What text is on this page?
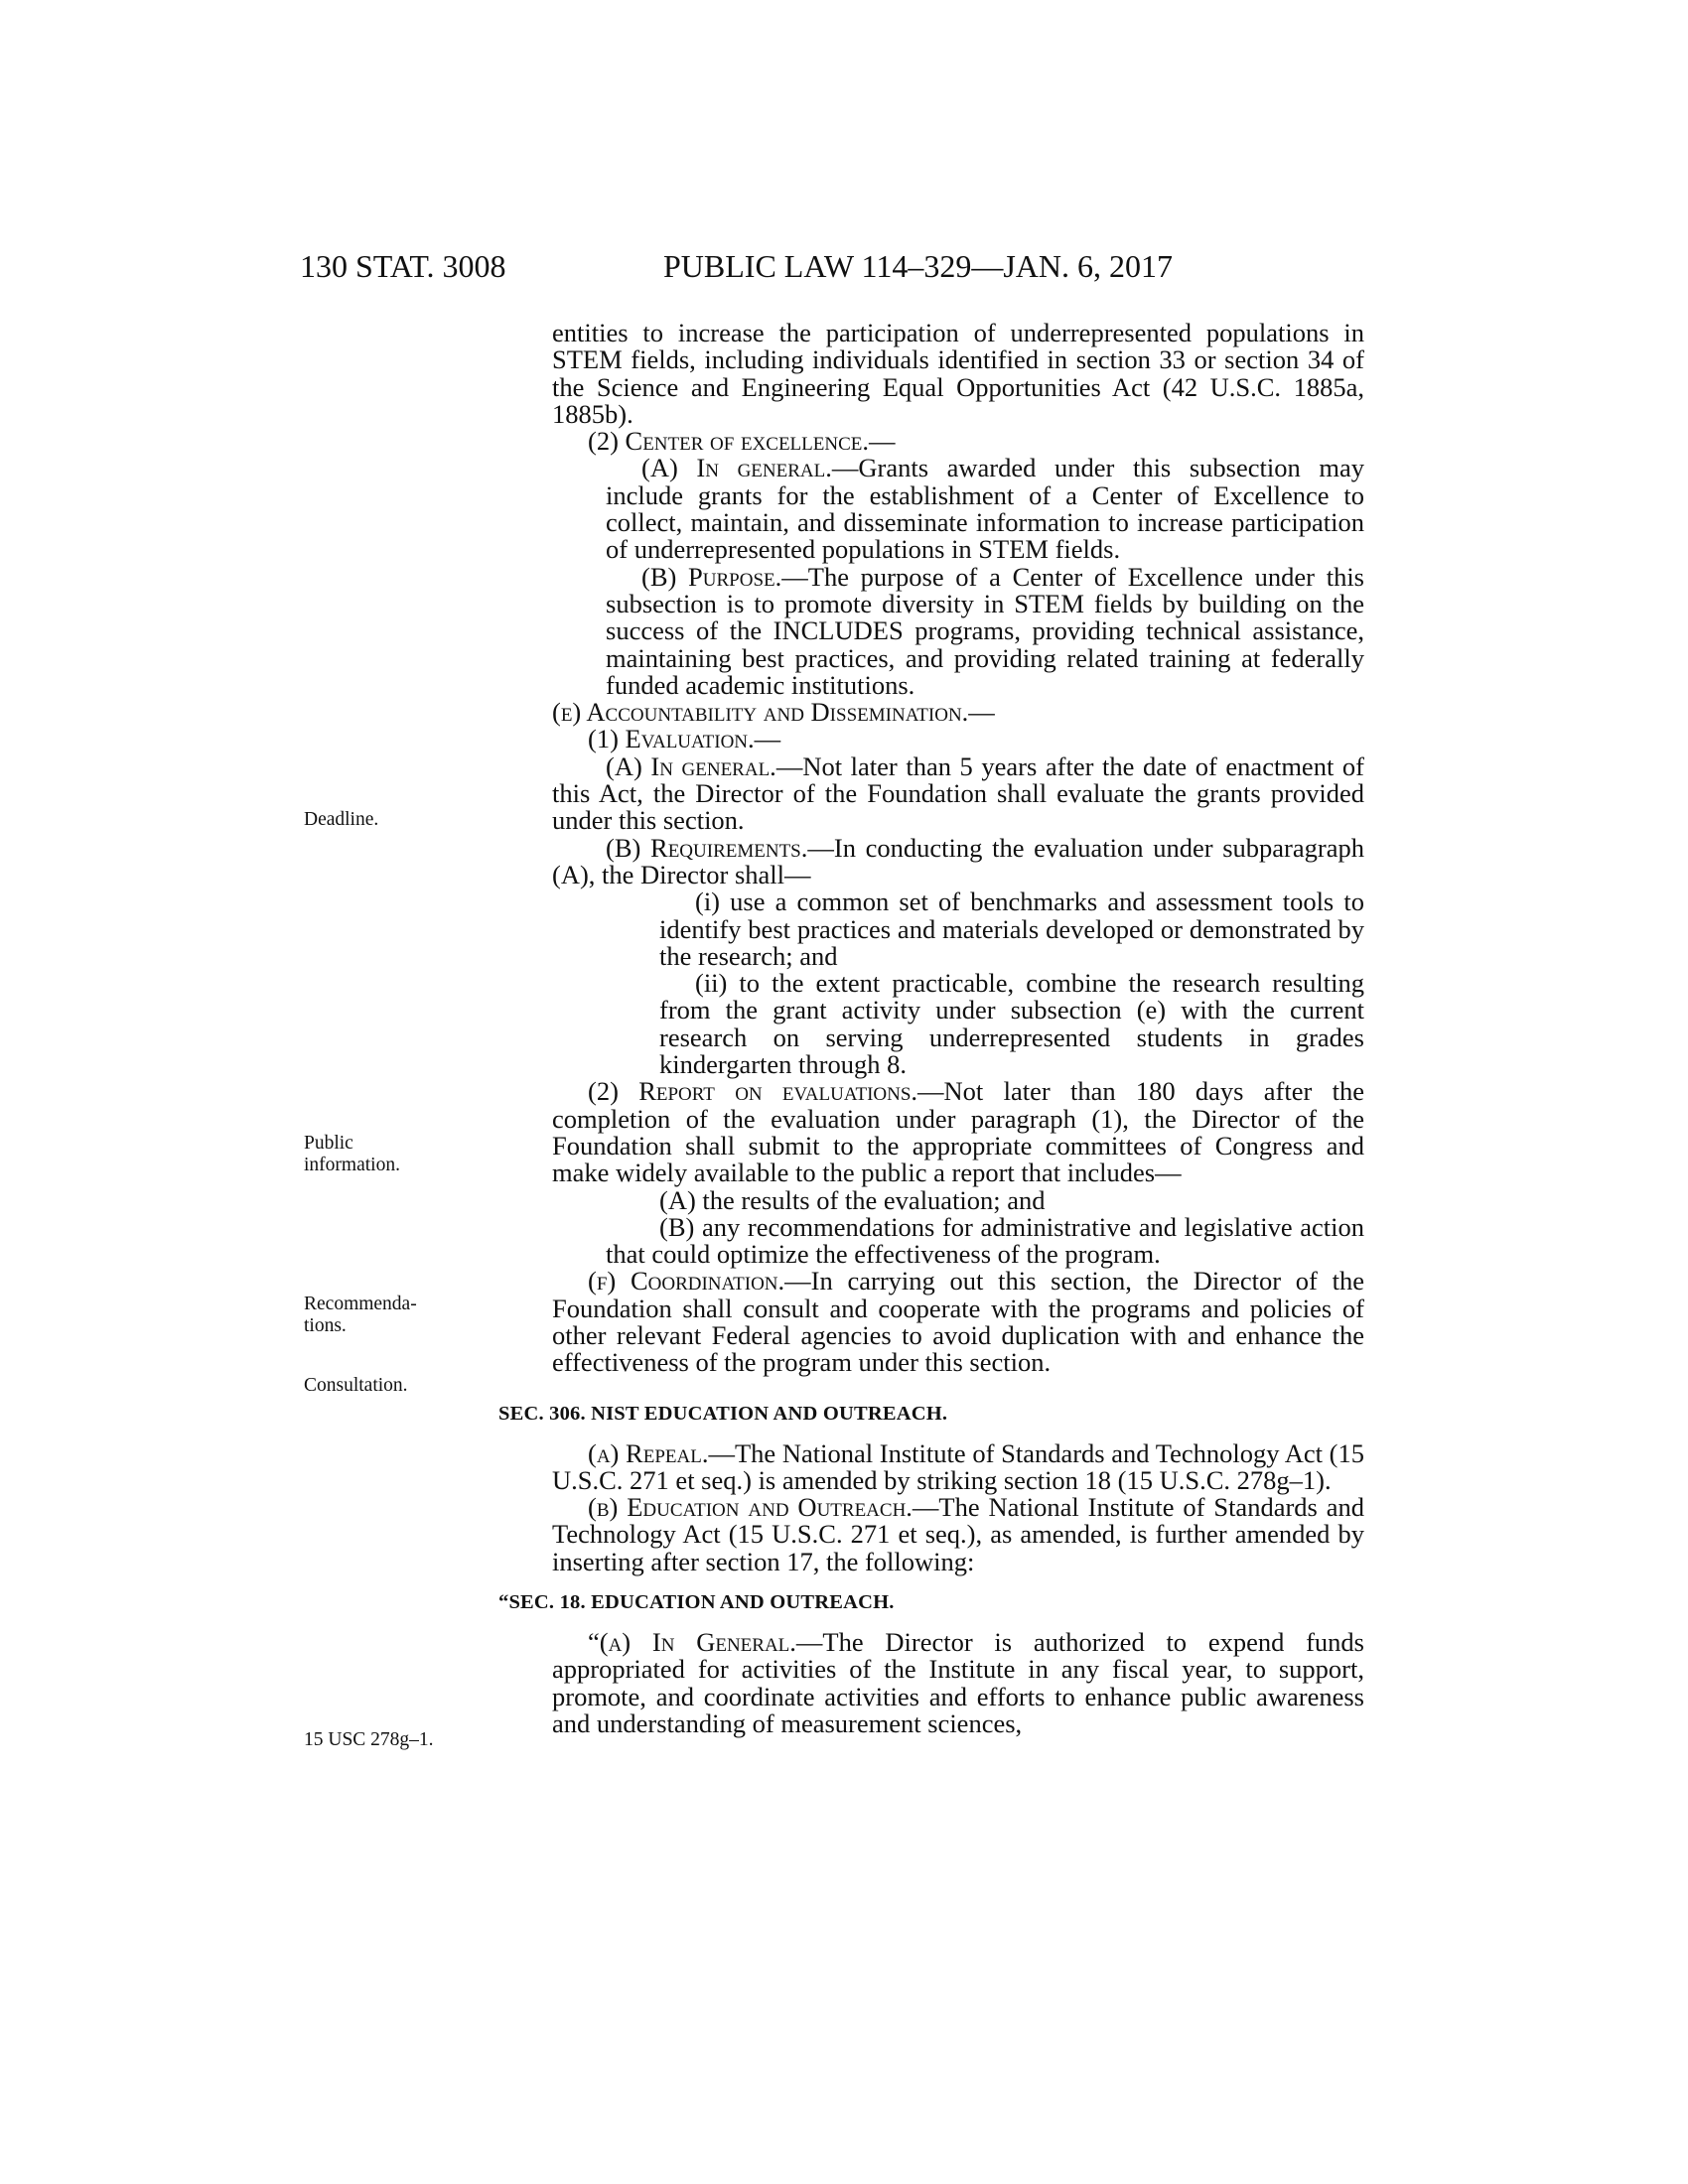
130 STAT. 3008	PUBLIC LAW 114–329—JAN. 6, 2017
Deadline.
Public
information.
Recommenda-
tions.
Consultation.
15 USC 278g–1.

entities to increase the participation of underrepresented populations in STEM fields, including individuals identified in section 33 or section 34 of the Science and Engineering Equal Opportunities Act (42 U.S.C. 1885a, 1885b).

(2) Center of excellence.—

(A) In general.—Grants awarded under this subsection may include grants for the establishment of a Center of Excellence to collect, maintain, and disseminate information to increase participation of underrepresented populations in STEM fields.

(B) Purpose.—The purpose of a Center of Excellence under this subsection is to promote diversity in STEM fields by building on the success of the INCLUDES programs, providing technical assistance, maintaining best practices, and providing related training at federally funded academic institutions.

(e) Accountability and Dissemination.—

(1) Evaluation.—

(A) In general.—Not later than 5 years after the date of enactment of this Act, the Director of the Foundation shall evaluate the grants provided under this section.

(B) Requirements.—In conducting the evaluation under subparagraph (A), the Director shall—

(i) use a common set of benchmarks and assessment tools to identify best practices and materials developed or demonstrated by the research; and

(ii) to the extent practicable, combine the research resulting from the grant activity under subsection (e) with the current research on serving underrepresented students in grades kindergarten through 8.

(2) Report on evaluations.—Not later than 180 days after the completion of the evaluation under paragraph (1), the Director of the Foundation shall submit to the appropriate committees of Congress and make widely available to the public a report that includes—

(A) the results of the evaluation; and

(B) any recommendations for administrative and legislative action that could optimize the effectiveness of the program.

(f) Coordination.—In carrying out this section, the Director of the Foundation shall consult and cooperate with the programs and policies of other relevant Federal agencies to avoid duplication with and enhance the effectiveness of the program under this section.

SEC. 306. NIST EDUCATION AND OUTREACH.

(a) Repeal.—The National Institute of Standards and Technology Act (15 U.S.C. 271 et seq.) is amended by striking section 18 (15 U.S.C. 278g–1).

(b) Education and Outreach.—The National Institute of Standards and Technology Act (15 U.S.C. 271 et seq.), as amended, is further amended by inserting after section 17, the following:

“SEC. 18. EDUCATION AND OUTREACH.

“(a) In General.—The Director is authorized to expend funds appropriated for activities of the Institute in any fiscal year, to support, promote, and coordinate activities and efforts to enhance public awareness and understanding of measurement sciences,
